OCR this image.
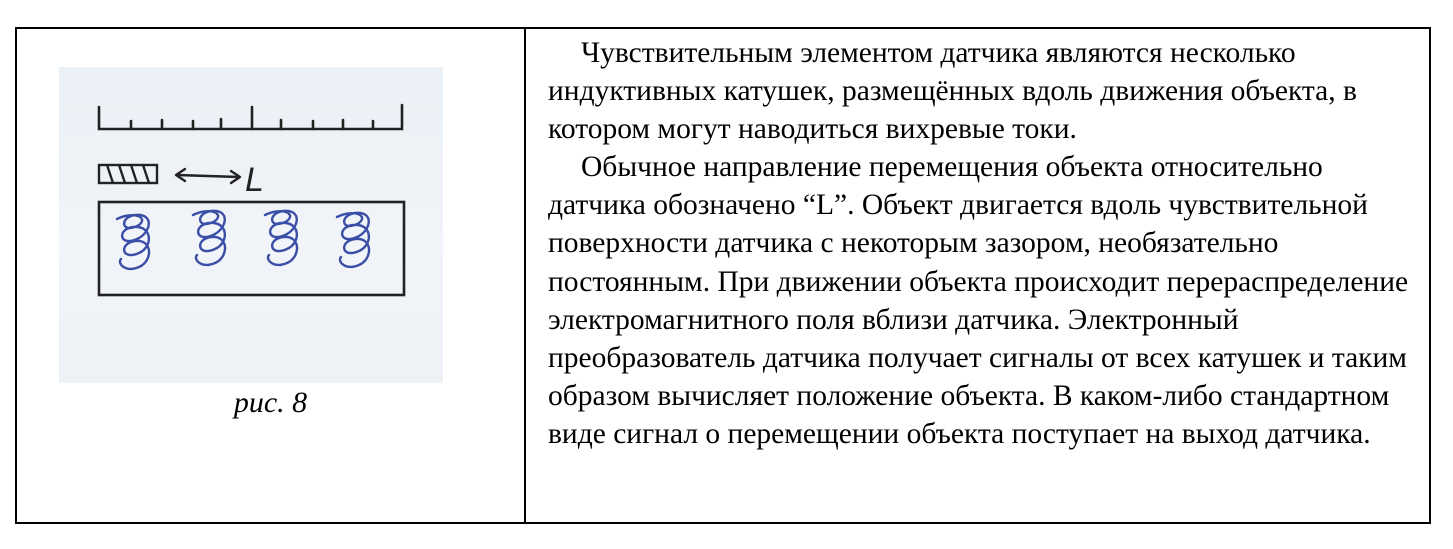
L
рис. 8

Чувствительным элементом датчика являются несколько индуктивных катушек, размещённых вдоль движения объекта, в котором могут наводиться вихревые токи.

Обычное направление перемещения объекта относительно датчика обозначено “L”. Объект двигается вдоль чувствительной поверхности датчика с некоторым зазором, необязательно постоянным. При движении объекта происходит перераспределение электромагнитного поля вблизи датчика. Электронный преобразователь датчика получает сигналы от всех катушек и таким образом вычисляет положение объекта. В каком-либо стандартном виде сигнал о перемещении объекта поступает на выход датчика.
